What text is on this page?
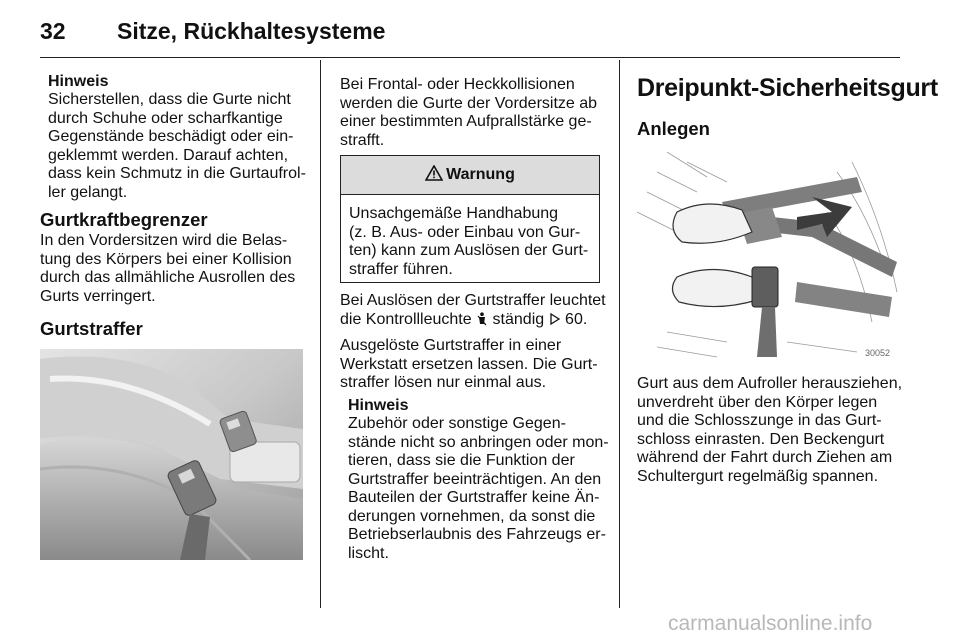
32 Sitze, Rückhaltesysteme
Hinweis
Sicherstellen, dass die Gurte nicht
durch Schuhe oder scharfkantige
Gegenstände beschädigt oder ein-
geklemmt werden. Darauf achten,
dass kein Schmutz in die Gurtaufrol-
ler gelangt.
Gurtkraftbegrenzer
In den Vordersitzen wird die Belas-
tung des Körpers bei einer Kollision
durch das allmähliche Ausrollen des
Gurts verringert.
Gurtstraffer
Bei Frontal- oder Heckkollisionen
werden die Gurte der Vordersitze ab
einer bestimmten Aufprallstärke ge-
strafft.
Warnung
Unsachgemäße Handhabung
(z. B. Aus- oder Einbau von Gur-
ten) kann zum Auslösen der Gurt-
straffer führen.
Bei Auslösen der Gurtstraffer leuchtet
die Kontrollleuchte ständig 60.
Ausgelöste Gurtstraffer in einer
Werkstatt ersetzen lassen. Die Gurt-
straffer lösen nur einmal aus.
Hinweis
Zubehör oder sonstige Gegen-
stände nicht so anbringen oder mon-
tieren, dass sie die Funktion der
Gurtstraffer beeinträchtigen. An den
Bauteilen der Gurtstraffer keine Än-
derungen vornehmen, da sonst die
Betriebserlaubnis des Fahrzeugs er-
lischt.
Dreipunkt-Sicherheitsgurt
Anlegen
30052
Gurt aus dem Aufroller herausziehen,
unverdreht über den Körper legen
und die Schlosszunge in das Gurt-
schloss einrasten. Den Beckengurt
während der Fahrt durch Ziehen am
Schultergurt regelmäßig spannen.
carmanualsonline.info
